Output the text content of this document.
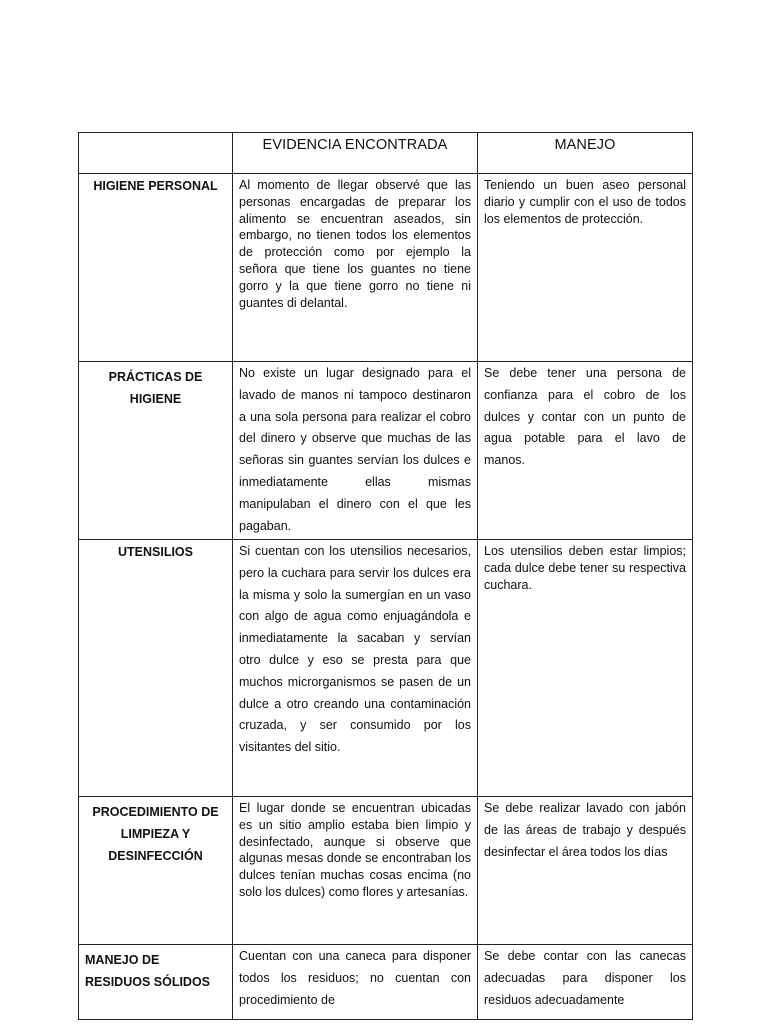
	EVIDENCIA ENCONTRADA	MANEJO
HIGIENE PERSONAL	Al momento de llegar observé que las personas encargadas de preparar los alimento se encuentran aseados, sin embargo, no tienen todos los elementos de protección como por ejemplo la señora que tiene los guantes no tiene gorro y la que tiene gorro no tiene ni guantes di delantal.	Teniendo un buen aseo personal diario y cumplir con el uso de todos los elementos de protección.
PRÁCTICAS DE HIGIENE	No existe un lugar designado para el lavado de manos ni tampoco destinaron a una sola persona para realizar el cobro del dinero y observe que muchas de las señoras sin guantes servían los dulces e inmediatamente ellas mismas manipulaban el dinero con el que les pagaban.	Se debe tener una persona de confianza para el cobro de los dulces y contar con un punto de agua potable para el lavo de manos.
UTENSILIOS	Si cuentan con los utensilios necesarios, pero la cuchara para servir los dulces era la misma y solo la sumergían en un vaso con algo de agua como enjuagándola e inmediatamente la sacaban y servían otro dulce y eso se presta para que muchos microrganismos se pasen de un dulce a otro creando una contaminación cruzada, y ser consumido por los visitantes del sitio.	Los utensilios deben estar limpios; cada dulce debe tener su respectiva cuchara.
PROCEDIMIENTO DE LIMPIEZA Y DESINFECCIÓN	El lugar donde se encuentran ubicadas es un sitio amplio estaba bien limpio y desinfectado, aunque si observe que algunas mesas donde se encontraban los dulces tenían muchas cosas encima (no solo los dulces) como flores y artesanías.	Se debe realizar lavado con jabón de las áreas de trabajo y después desinfectar el área todos los días
MANEJO DE RESIDUOS SÓLIDOS	Cuentan con una caneca para disponer todos los residuos; no cuentan con procedimiento de	Se debe contar con las canecas adecuadas para disponer los residuos adecuadamente
